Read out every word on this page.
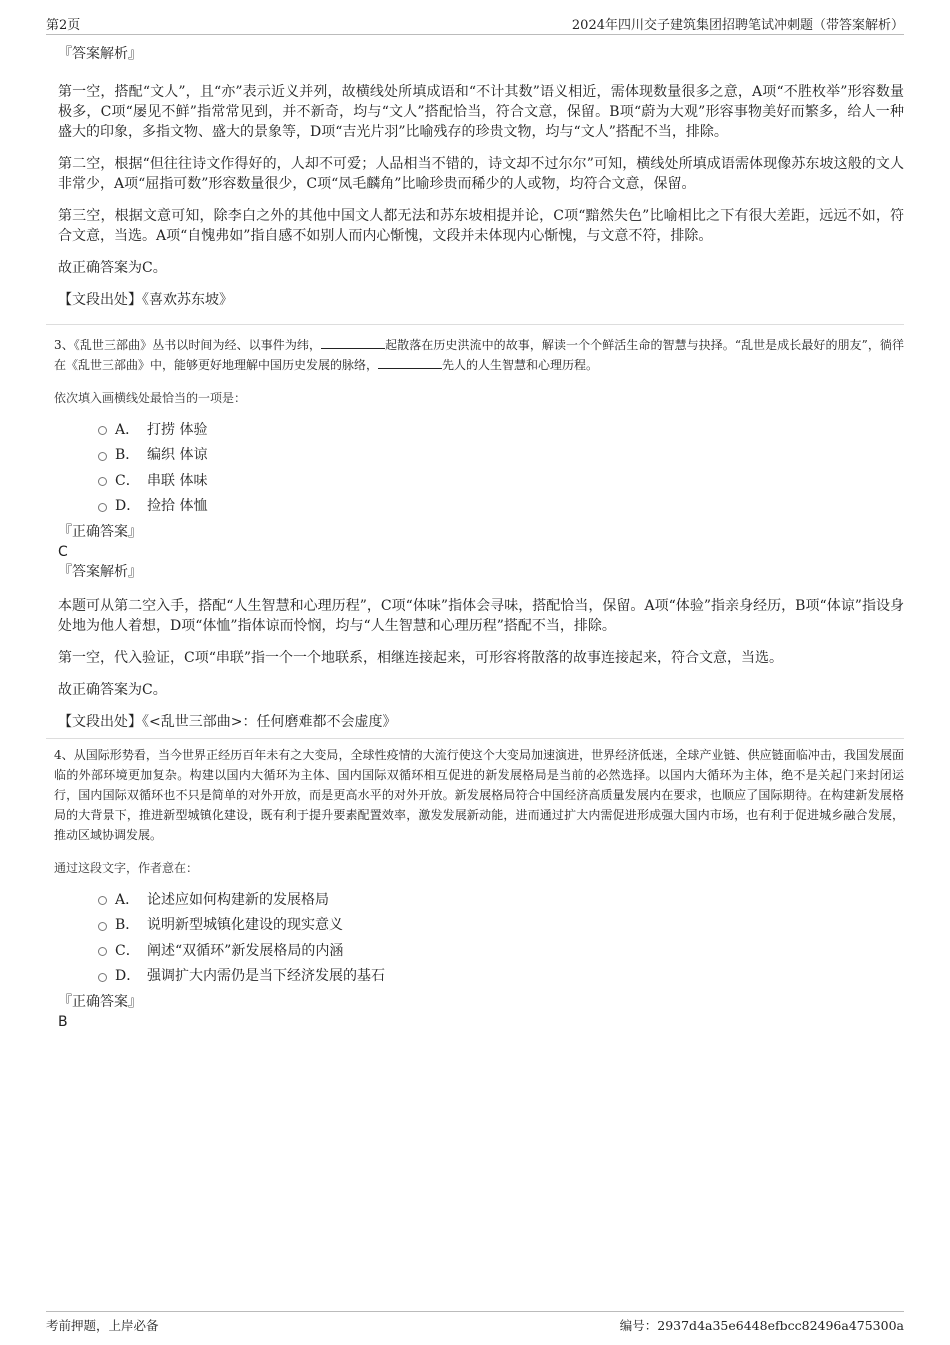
第2页	2024年四川交子建筑集团招聘笔试冲刺题（带答案解析）
『答案解析』

第一空，搭配“文人”，且“亦”表示近义并列，故横线处所填成语和“不计其数”语义相近，需体现数量很多之意，A项“不胜枚举”形容数量极多，C项“屡见不鲜”指常常见到，并不新奇，均与“文人”搭配恰当，符合文意，保留。B项“蔚为大观”形容事物美好而繁多，给人一种盛大的印象，多指文物、盛大的景象等，D项“吉光片羽”比喻残存的珍贵文物，均与“文人”搭配不当，排除。

第二空，根据“但往往诗文作得好的，人却不可爱；人品相当不错的，诗文却不过尔尔”可知，横线处所填成语需体现像苏东坡这般的文人非常少，A项“屈指可数”形容数量很少，C项“凤毛麟角”比喻珍贵而稀少的人或物，均符合文意，保留。

第三空，根据文意可知，除李白之外的其他中国文人都无法和苏东坡相提并论，C项“黯然失色”比喻相比之下有很大差距，远远不如，符合文意，当选。A项“自愧弗如”指自感不如别人而内心惭愧，文段并未体现内心惭愧，与文意不符，排除。

故正确答案为C。

【文段出处】《喜欢苏东坡》

3、《乱世三部曲》丛书以时间为经、以事件为纬，	起散落在历史洪流中的故事，解读一个个鲜活生命的智慧与抉择。“乱世是成长最好的朋友”，徜徉在《乱世三部曲》中，能够更好地理解中国历史发展的脉络，	先人的人生智慧和心理历程。

依次填入画横线处最恰当的一项是：

A． 打捞 体验
B． 编织 体谅
C． 串联 体味
D． 捡拾 体恤
『正确答案』
C
『答案解析』

本题可从第二空入手，搭配“人生智慧和心理历程”，C项“体味”指体会寻味，搭配恰当，保留。A项“体验”指亲身经历，B项“体谅”指设身处地为他人着想，D项“体恤”指体谅而怜悯，均与“人生智慧和心理历程”搭配不当，排除。

第一空，代入验证，C项“串联”指一个一个地联系，相继连接起来，可形容将散落的故事连接起来，符合文意，当选。

故正确答案为C。

【文段出处】《<乱世三部曲>：任何磨难都不会虚度》

4、从国际形势看，当今世界正经历百年未有之大变局，全球性疫情的大流行使这个大变局加速演进，世界经济低迷，全球产业链、供应链面临冲击，我国发展面临的外部环境更加复杂。构建以国内大循环为主体、国内国际双循环相互促进的新发展格局是当前的必然选择。以国内大循环为主体，绝不是关起门来封闭运行，国内国际双循环也不只是简单的对外开放，而是更高水平的对外开放。新发展格局符合中国经济高质量发展内在要求，也顺应了国际期待。在构建新发展格局的大背景下，推进新型城镇化建设，既有利于提升要素配置效率，激发发展新动能，进而通过扩大内需促进形成强大国内市场，也有利于促进城乡融合发展，推动区域协调发展。

通过这段文字，作者意在：

A． 论述应如何构建新的发展格局
B． 说明新型城镇化建设的现实意义
C． 阐述“双循环”新发展格局的内涵
D． 强调扩大内需仍是当下经济发展的基石
『正确答案』
B
考前押题，上岸必备	编号：2937d4a35e6448efbcc82496a475300a
